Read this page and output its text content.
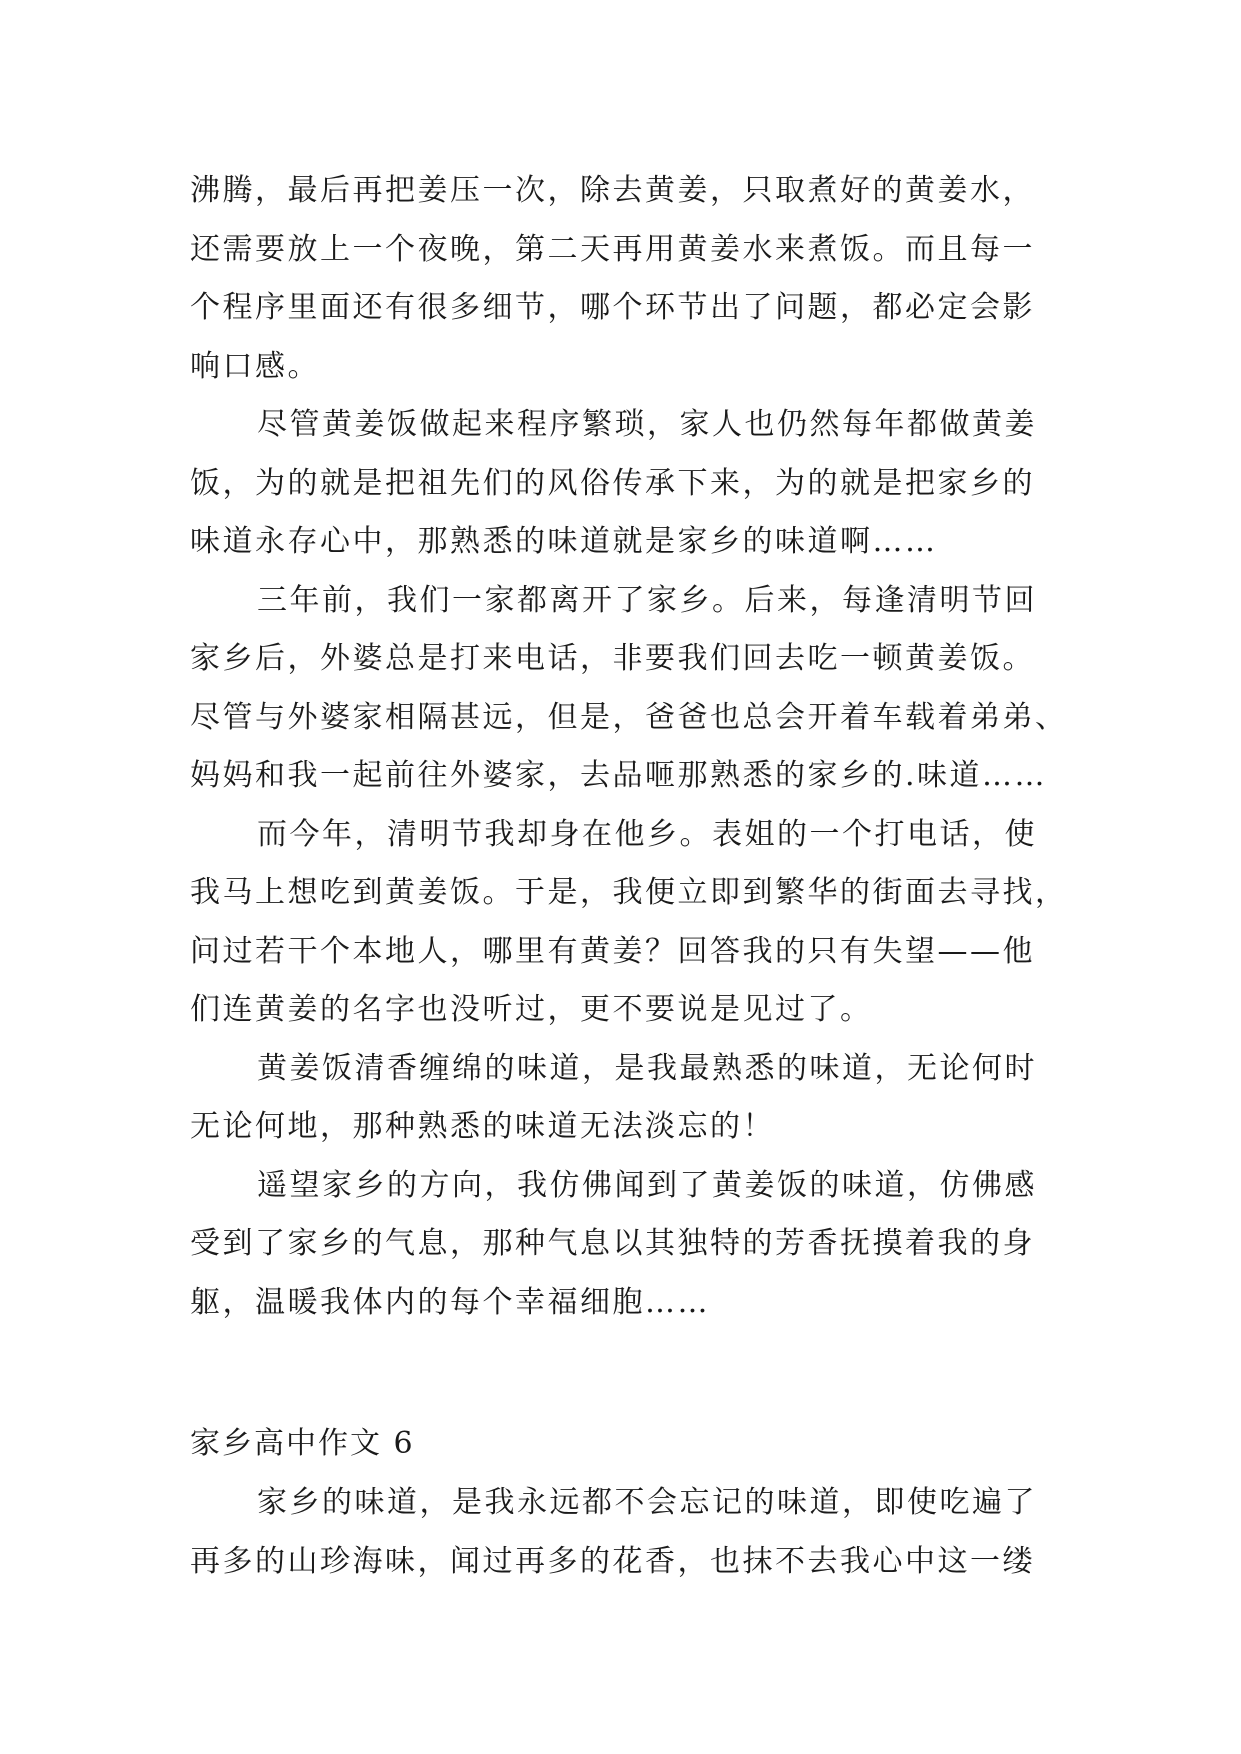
沸腾，最后再把姜压一次，除去黄姜，只取煮好的黄姜水，
还需要放上一个夜晚，第二天再用黄姜水来煮饭。而且每一
个程序里面还有很多细节，哪个环节出了问题，都必定会影
响口感。
尽管黄姜饭做起来程序繁琐，家人也仍然每年都做黄姜
饭，为的就是把祖先们的风俗传承下来，为的就是把家乡的
味道永存心中，那熟悉的味道就是家乡的味道啊……
三年前，我们一家都离开了家乡。后来，每逢清明节回
家乡后，外婆总是打来电话，非要我们回去吃一顿黄姜饭。
尽管与外婆家相隔甚远，但是，爸爸也总会开着车载着弟弟、
妈妈和我一起前往外婆家，去品咂那熟悉的家乡的.味道……
而今年，清明节我却身在他乡。表姐的一个打电话，使
我马上想吃到黄姜饭。于是，我便立即到繁华的街面去寻找，
问过若干个本地人，哪里有黄姜？回答我的只有失望——他
们连黄姜的名字也没听过，更不要说是见过了。
黄姜饭清香缠绵的味道，是我最熟悉的味道，无论何时
无论何地，那种熟悉的味道无法淡忘的！
遥望家乡的方向，我仿佛闻到了黄姜饭的味道，仿佛感
受到了家乡的气息，那种气息以其独特的芳香抚摸着我的身
躯，温暖我体内的每个幸福细胞……
家乡高中作文 6
家乡的味道，是我永远都不会忘记的味道，即使吃遍了
再多的山珍海味，闻过再多的花香，也抹不去我心中这一缕
